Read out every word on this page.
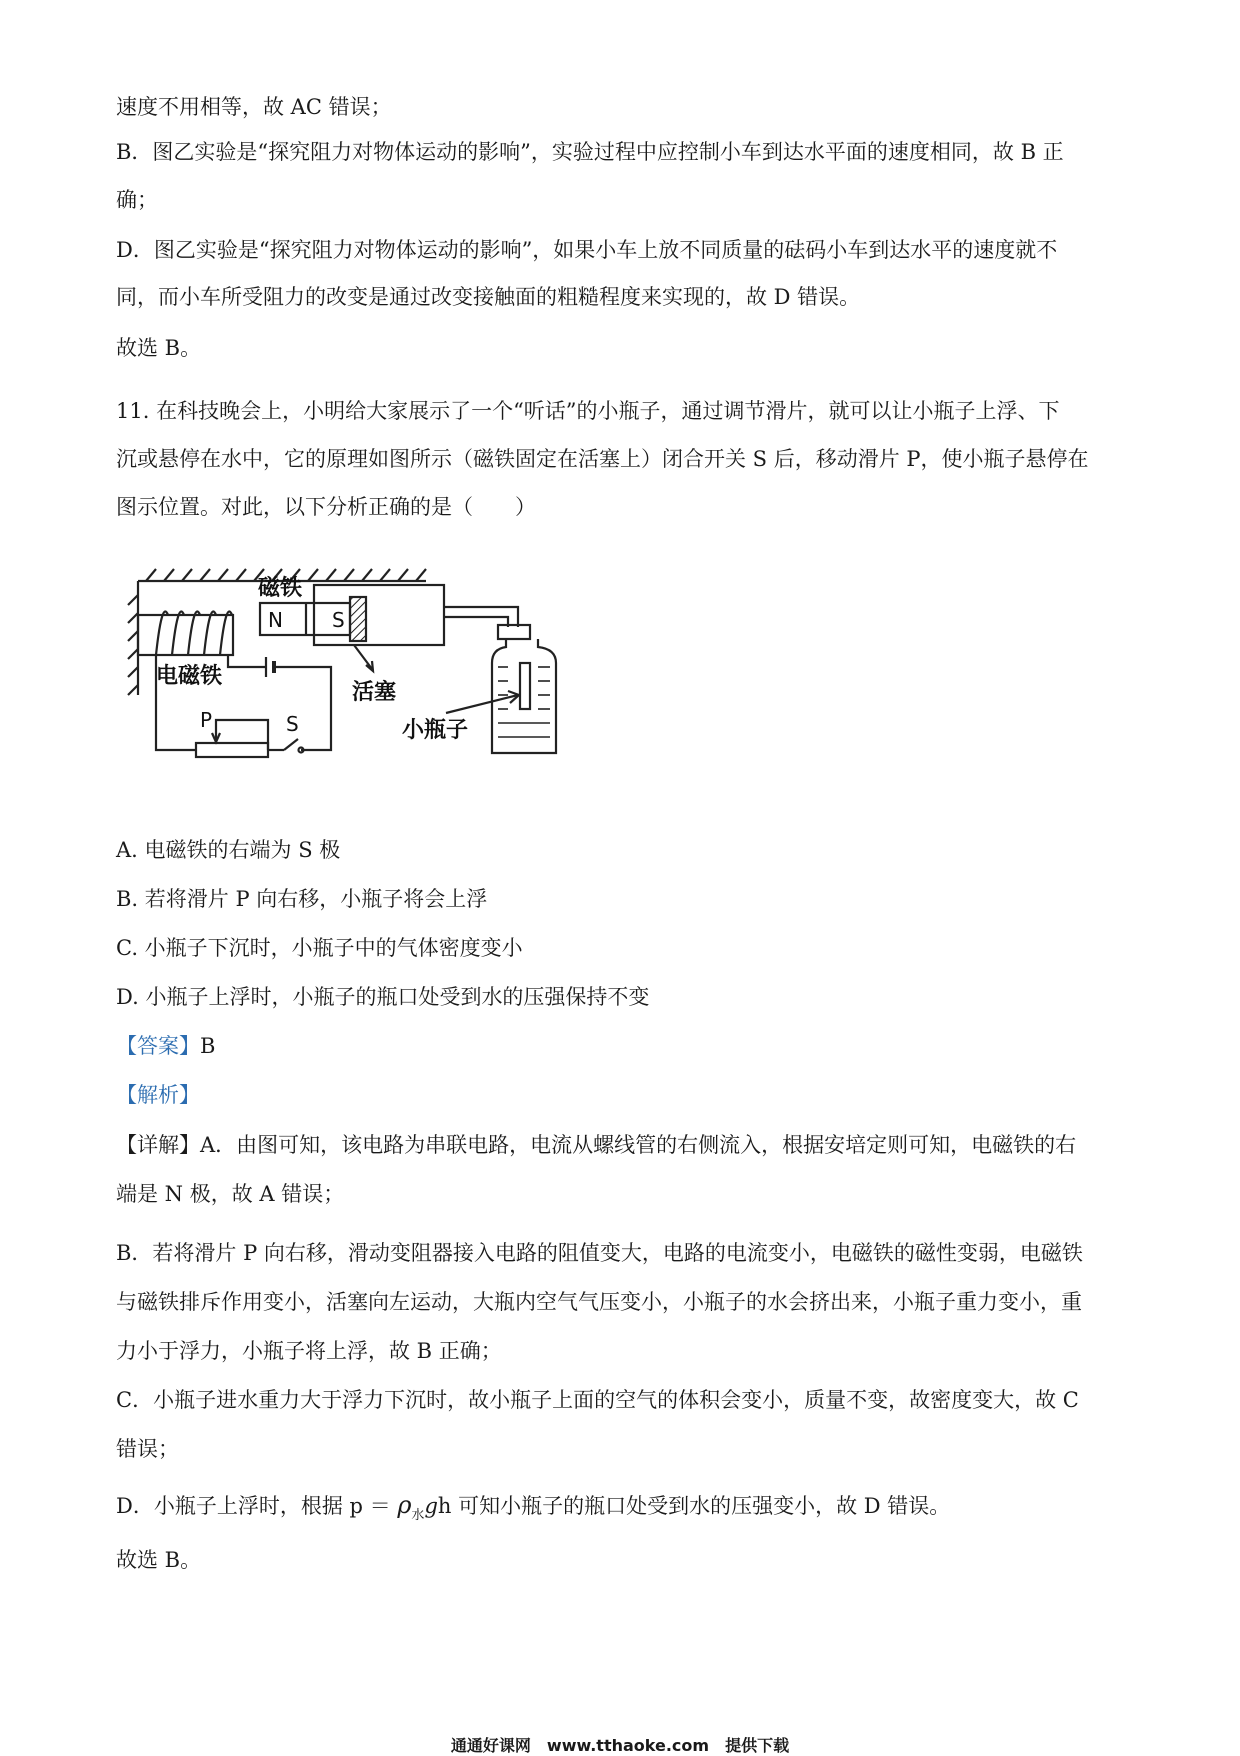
速度不用相等，故 AC 错误；
B．图乙实验是“探究阻力对物体运动的影响”，实验过程中应控制小车到达水平面的速度相同，故 B 正
确；
D．图乙实验是“探究阻力对物体运动的影响”，如果小车上放不同质量的砝码小车到达水平的速度就不
同，而小车所受阻力的改变是通过改变接触面的粗糙程度来实现的，故 D 错误。
故选 B。
11. 在科技晚会上，小明给大家展示了一个“听话”的小瓶子，通过调节滑片，就可以让小瓶子上浮、下
沉或悬停在水中，它的原理如图所示（磁铁固定在活塞上）闭合开关 S 后，移动滑片 P，使小瓶子悬停在
图示位置。对此，以下分析正确的是（　　）
磁铁
电磁铁
活塞
小瓶子
N S
P	S
A. 电磁铁的右端为 S 极
B. 若将滑片 P 向右移，小瓶子将会上浮
C. 小瓶子下沉时，小瓶子中的气体密度变小
D. 小瓶子上浮时，小瓶子的瓶口处受到水的压强保持不变
【答案】B
【解析】
【详解】A．由图可知，该电路为串联电路，电流从螺线管的右侧流入，根据安培定则可知，电磁铁的右
端是 N 极，故 A 错误；
B．若将滑片 P 向右移，滑动变阻器接入电路的阻值变大，电路的电流变小，电磁铁的磁性变弱，电磁铁
与磁铁排斥作用变小，活塞向左运动，大瓶内空气气压变小，小瓶子的水会挤出来，小瓶子重力变小，重
力小于浮力，小瓶子将上浮，故 B 正确；
C．小瓶子进水重力大于浮力下沉时，故小瓶子上面的空气的体积会变小，质量不变，故密度变大，故 C
错误；
D．小瓶子上浮时，根据 $p = \rho_水gh$ 可知小瓶子的瓶口处受到水的压强变小，故 D 错误。
故选 B。
通通好课网　www.tthaoke.com　提供下载
